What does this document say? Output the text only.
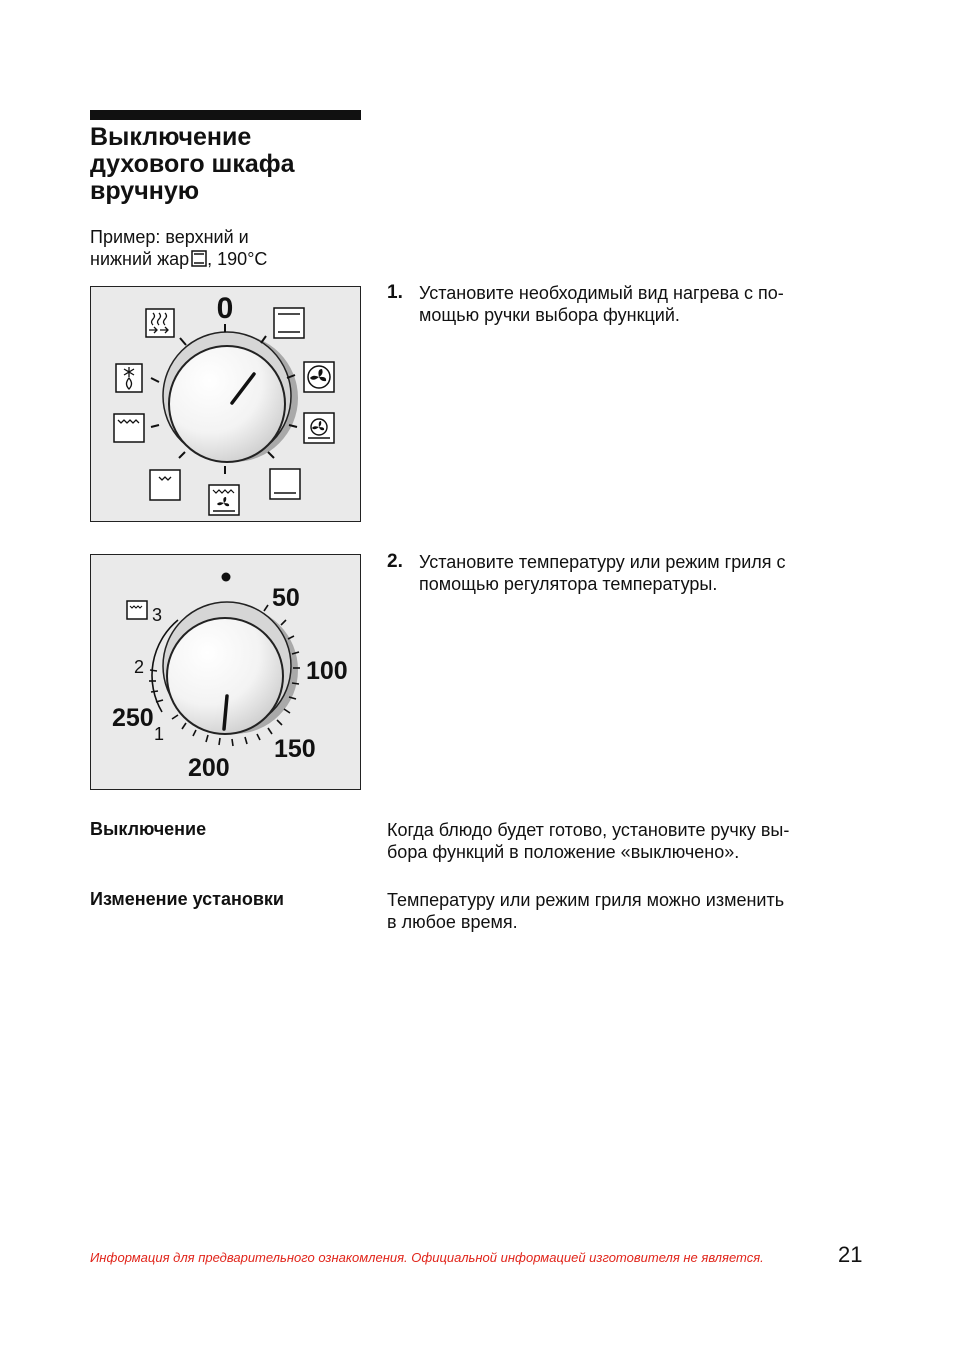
Выключение
духового шкафа
вручную
Пример: верхний и
нижний жар , 190°C
0	1. Установите необходимый вид нагрева с по-
мощью ручки выбора функций.
50
100
150
200
250
3
2
1
2. Установите температуру или режим гриля с
помощью регулятора температуры.
Выключение	Когда блюдо будет готово, установите ручку вы-
бора функций в положение «выключено».
Изменение установки	Температуру или режим гриля можно изменить
в любое время.
Информация для предварительного ознакомления. Официальной информацией изготовителя не является.	21
